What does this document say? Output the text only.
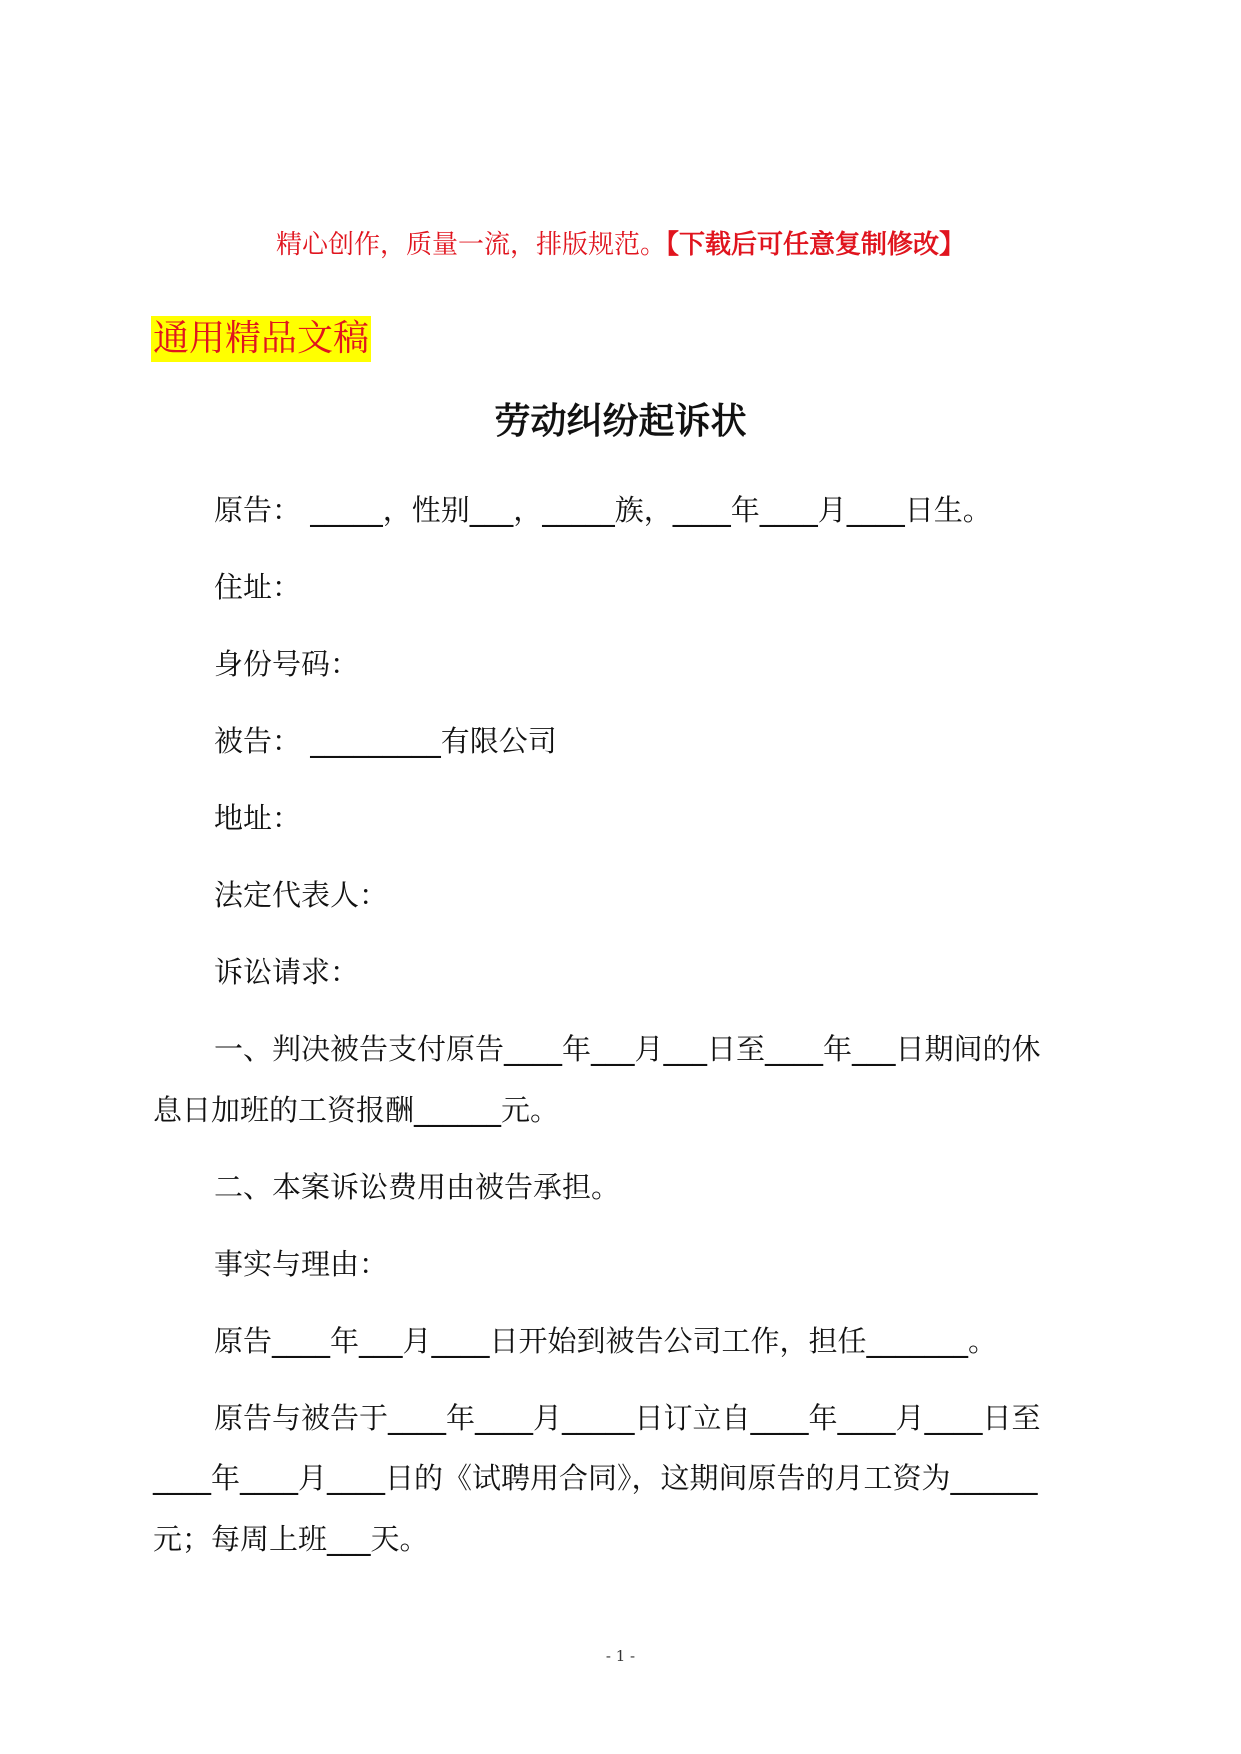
精心创作，质量一流，排版规范。【下载后可任意复制修改】
通用精品文稿
劳动纠纷起诉状
原告： _____，性别___，_____族，____年____月____日生。
住址：
身份号码：
被告： _________有限公司
地址：
法定代表人：
诉讼请求：
一、判决被告支付原告____年___月___日至____年___日期间的休
息日加班的工资报酬______元。
二、本案诉讼费用由被告承担。
事实与理由：
原告____年___月____日开始到被告公司工作，担任_______。
原告与被告于____年____月_____日订立自____年____月____日至
____年____月____日的《试聘用合同》，这期间原告的月工资为______
元；每周上班___天。
- 1 -
